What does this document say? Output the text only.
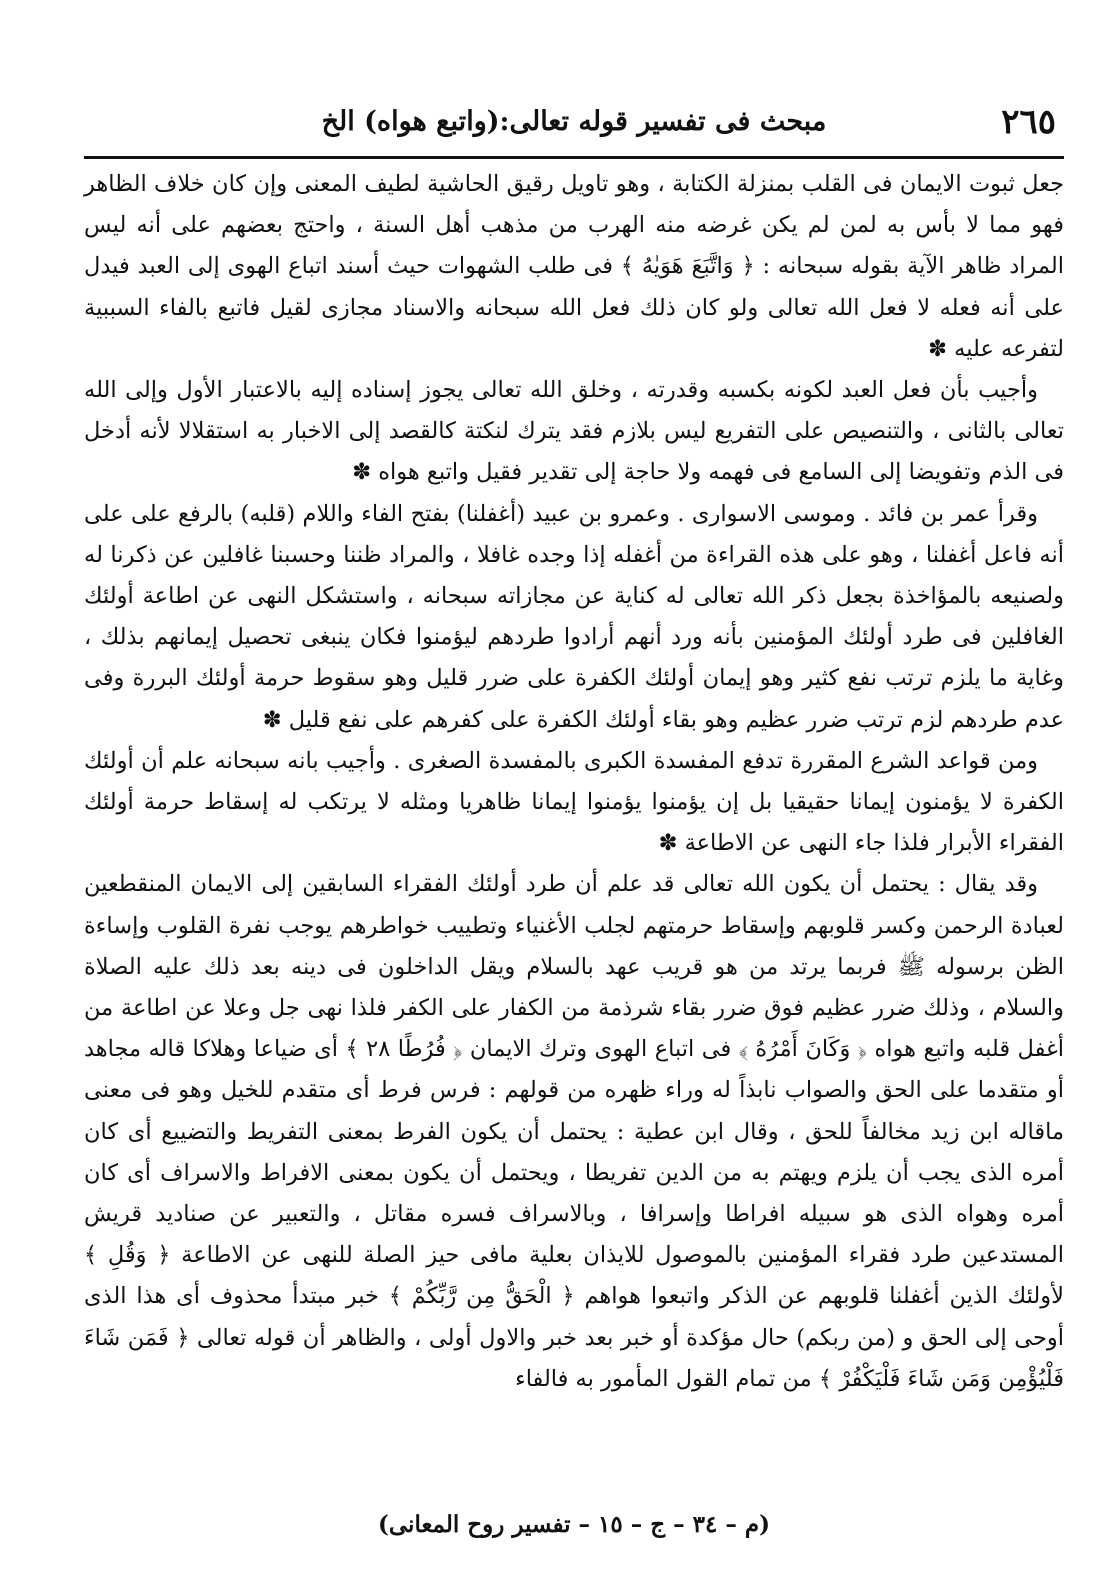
٢٦٥
مبحث فى تفسير قوله تعالى:(واتبع هواه) الخ

جعل ثبوت الايمان فى القلب بمنزلة الكتابة ، وهو تاويل رقيق الحاشية لطيف المعنى وإن كان خلاف الظاهر فهو مما لا بأس به لمن لم يكن غرضه منه الهرب من مذهب أهل السنة ، واحتج بعضهم على أنه ليس المراد ظاهر الآية بقوله سبحانه : ﴿ وَاتَّبَعَ هَوَيٰهُ ﴾ فى طلب الشهوات حيث أسند اتباع الهوى إلى العبد فيدل على أنه فعله لا فعل الله تعالى ولو كان ذلك فعل الله سبحانه والاسناد مجازى لقيل فاتبع بالفاء السببية لتفرعه عليه ✽

وأجيب بأن فعل العبد لكونه بكسبه وقدرته ، وخلق الله تعالى يجوز إسناده إليه بالاعتبار الأول وإلى الله تعالى بالثانى ، والتنصيص على التفريع ليس بلازم فقد يترك لنكتة كالقصد إلى الاخبار به استقلالا لأنه أدخل فى الذم وتفويضا إلى السامع فى فهمه ولا حاجة إلى تقدير فقيل واتبع هواه ✽

وقرأ عمر بن فائد . وموسى الاسوارى . وعمرو بن عبيد (أغفلنا) بفتح الفاء واللام (قلبه) بالرفع على على أنه فاعل أغفلنا ، وهو على هذه القراءة من أغفله إذا وجده غافلا ، والمراد ظننا وحسبنا غافلين عن ذكرنا له ولصنيعه بالمؤاخذة بجعل ذكر الله تعالى له كناية عن مجازاته سبحانه ، واستشكل النهى عن اطاعة أولئك الغافلين فى طرد أولئك المؤمنين بأنه ورد أنهم أرادوا طردهم ليؤمنوا فكان ينبغى تحصيل إيمانهم بذلك ، وغاية ما يلزم ترتب نفع كثير وهو إيمان أولئك الكفرة على ضرر قليل وهو سقوط حرمة أولئك البررة وفى عدم طردهم لزم ترتب ضرر عظيم وهو بقاء أولئك الكفرة على كفرهم على نفع قليل ✽

ومن قواعد الشرع المقررة تدفع المفسدة الكبرى بالمفسدة الصغرى . وأجيب بانه سبحانه علم أن أولئك الكفرة لا يؤمنون إيمانا حقيقيا بل إن يؤمنوا يؤمنوا إيمانا ظاهريا ومثله لا يرتكب له إسقاط حرمة أولئك الفقراء الأبرار فلذا جاء النهى عن الاطاعة ✽

وقد يقال : يحتمل أن يكون الله تعالى قد علم أن طرد أولئك الفقراء السابقين إلى الايمان المنقطعين لعبادة الرحمن وكسر قلوبهم وإسقاط حرمتهم لجلب الأغنياء وتطييب خواطرهم يوجب نفرة القلوب وإساءة الظن برسوله ﷺ فربما يرتد من هو قريب عهد بالسلام ويقل الداخلون فى دينه بعد ذلك عليه الصلاة والسلام ، وذلك ضرر عظيم فوق ضرر بقاء شرذمة من الكفار على الكفر فلذا نهى جل وعلا عن اطاعة من أغفل قلبه واتبع هواه ﴿ وَكَانَ أَمْرُهُ ﴾ فى اتباع الهوى وترك الايمان ﴿ فُرُطًا ٢٨ ﴾ أى ضياعا وهلاكا قاله مجاهد أو متقدما على الحق والصواب نابذاً له وراء ظهره من قولهم : فرس فرط أى متقدم للخيل وهو فى معنى ماقاله ابن زيد مخالفاً للحق ، وقال ابن عطية : يحتمل أن يكون الفرط بمعنى التفريط والتضييع أى كان أمره الذى يجب أن يلزم ويهتم به من الدين تفريطا ، ويحتمل أن يكون بمعنى الافراط والاسراف أى كان أمره وهواه الذى هو سبيله افراطا وإسرافا ، وبالاسراف فسره مقاتل ، والتعبير عن صناديد قريش المستدعين طرد فقراء المؤمنين بالموصول للايذان بعلية مافى حيز الصلة للنهى عن الاطاعة ﴿ وَقُلِ ﴾ لأولئك الذين أغفلنا قلوبهم عن الذكر واتبعوا هواهم ﴿ الْحَقُّ مِن رَّبِّكُمْ ﴾ خبر مبتدأ محذوف أى هذا الذى أوحى إلى الحق و (من ربكم) حال مؤكدة أو خبر بعد خبر والاول أولى ، والظاهر أن قوله تعالى ﴿ فَمَن شَاءَ فَلْيُؤْمِن وَمَن شَاءَ فَلْيَكْفُرْ ﴾ من تمام القول المأمور به فالفاء

(م – ٣٤ – ج – ١٥ – تفسير روح المعانى)
